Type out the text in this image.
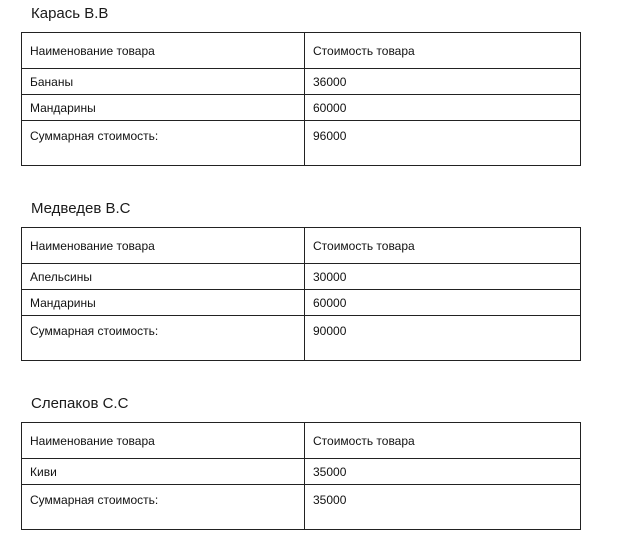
Карась В.В
Наименование товара	Стоимость товара
Бананы	36000
Мандарины	60000
Суммарная стоимость:	96000
Медведев В.С
Наименование товара	Стоимость товара
Апельсины	30000
Мандарины	60000
Суммарная стоимость:	90000
Слепаков С.С
Наименование товара	Стоимость товара
Киви	35000
Суммарная стоимость:	35000
